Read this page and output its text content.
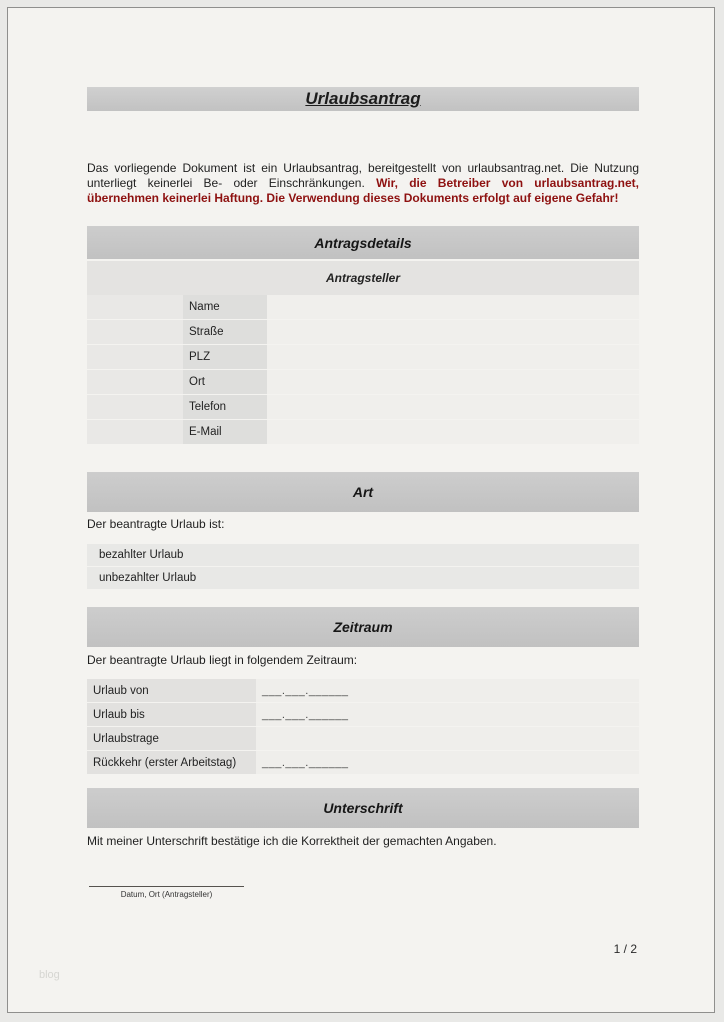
Urlaubsantrag

Das vorliegende Dokument ist ein Urlaubsantrag, bereitgestellt von urlaubsantrag.net. Die Nutzung unterliegt keinerlei Be- oder Einschränkungen. Wir, die Betreiber von urlaubsantrag.net, übernehmen keinerlei Haftung. Die Verwendung dieses Dokuments erfolgt auf eigene Gefahr!

Antragsdetails
Antragsteller
Name
Straße
PLZ
Ort
Telefon
E-Mail
Art
Der beantragte Urlaub ist:
bezahlter Urlaub
unbezahlter Urlaub
Zeitraum
Der beantragte Urlaub liegt in folgendem Zeitraum:
Urlaub von	___.___.______
Urlaub bis	___.___.______
Urlaubstrage
Rückkehr (erster Arbeitstag)	___.___.______
Unterschrift
Mit meiner Unterschrift bestätige ich die Korrektheit der gemachten Angaben.
Datum, Ort (Antragsteller)
1 / 2
blog
